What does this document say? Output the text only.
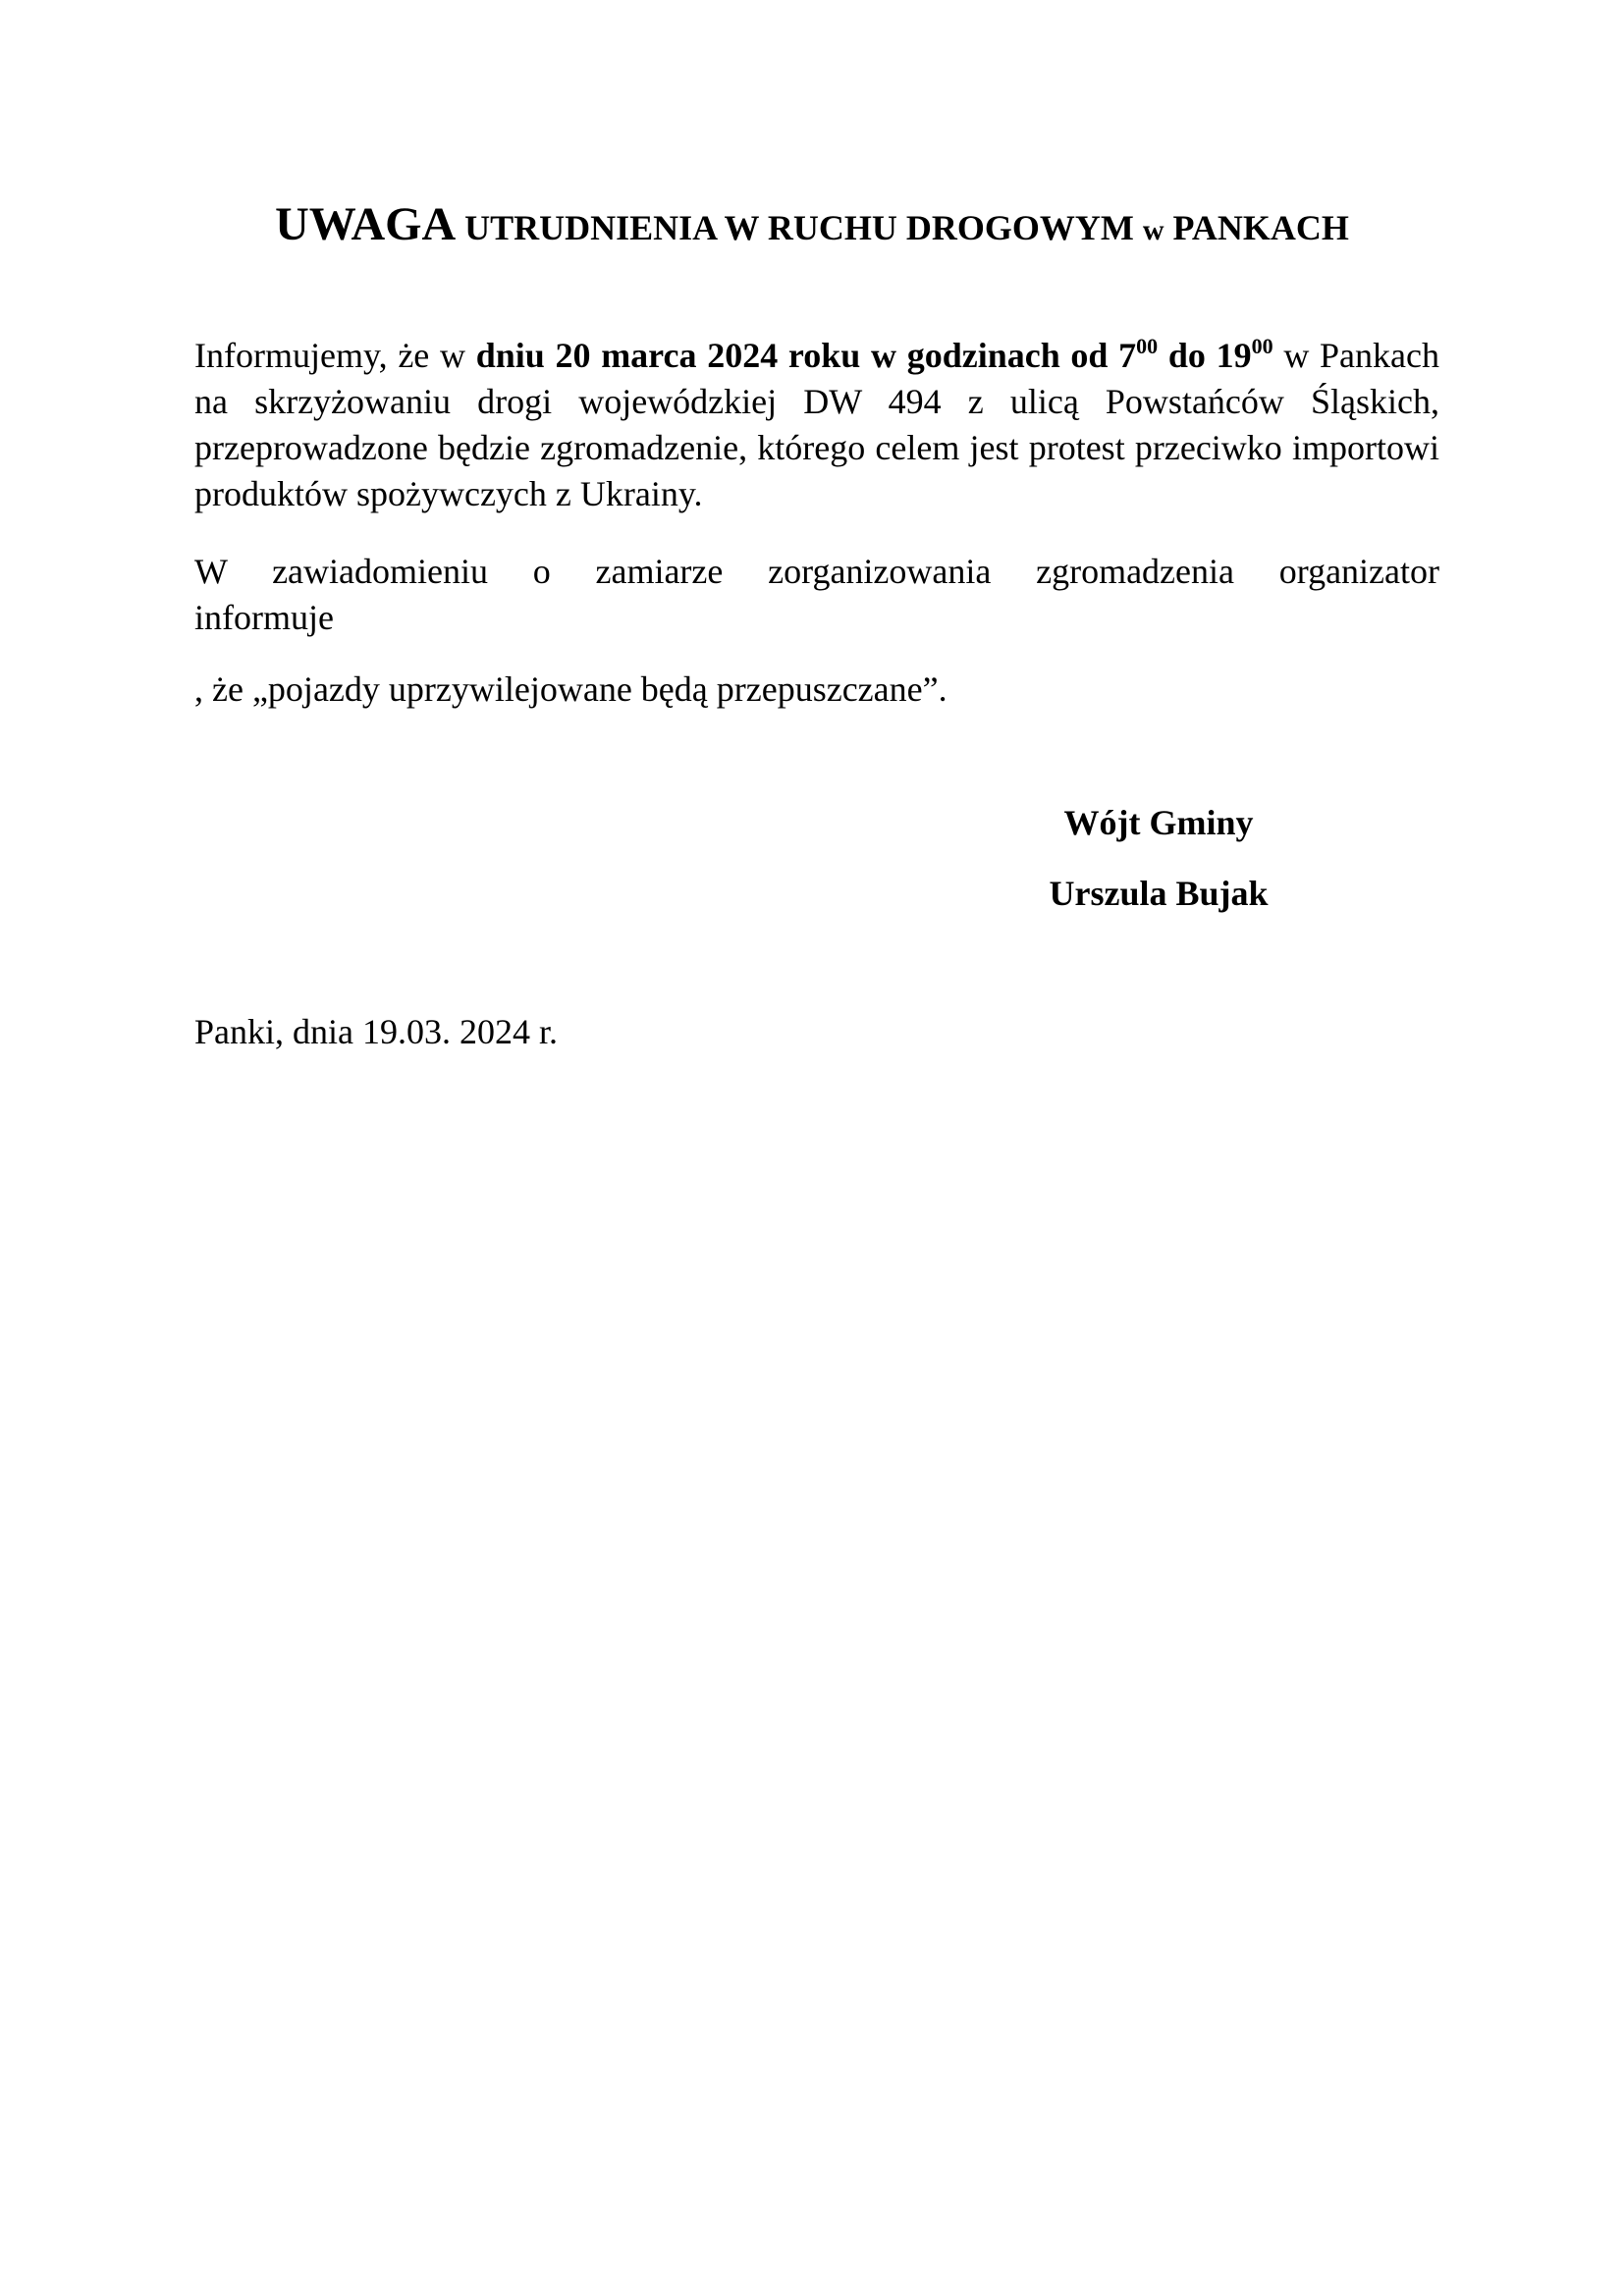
UWAGA UTRUDNIENIA W RUCHU DROGOWYM w PANKACH
Informujemy, że w dniu 20 marca 2024 roku w godzinach od $7^{00}$ do $19^{00}$ w Pankach na skrzyżowaniu drogi wojewódzkiej DW 494 z ulicą Powstańców Śląskich, przeprowadzone będzie zgromadzenie, którego celem jest protest przeciwko importowi produktów spożywczych z Ukrainy.
W zawiadomieniu o zamiarze zorganizowania zgromadzenia organizator
informuje
, że „pojazdy uprzywilejowane będą przepuszczane”.
Wójt Gminy
Urszula Bujak
Panki, dnia 19.03. 2024 r.
